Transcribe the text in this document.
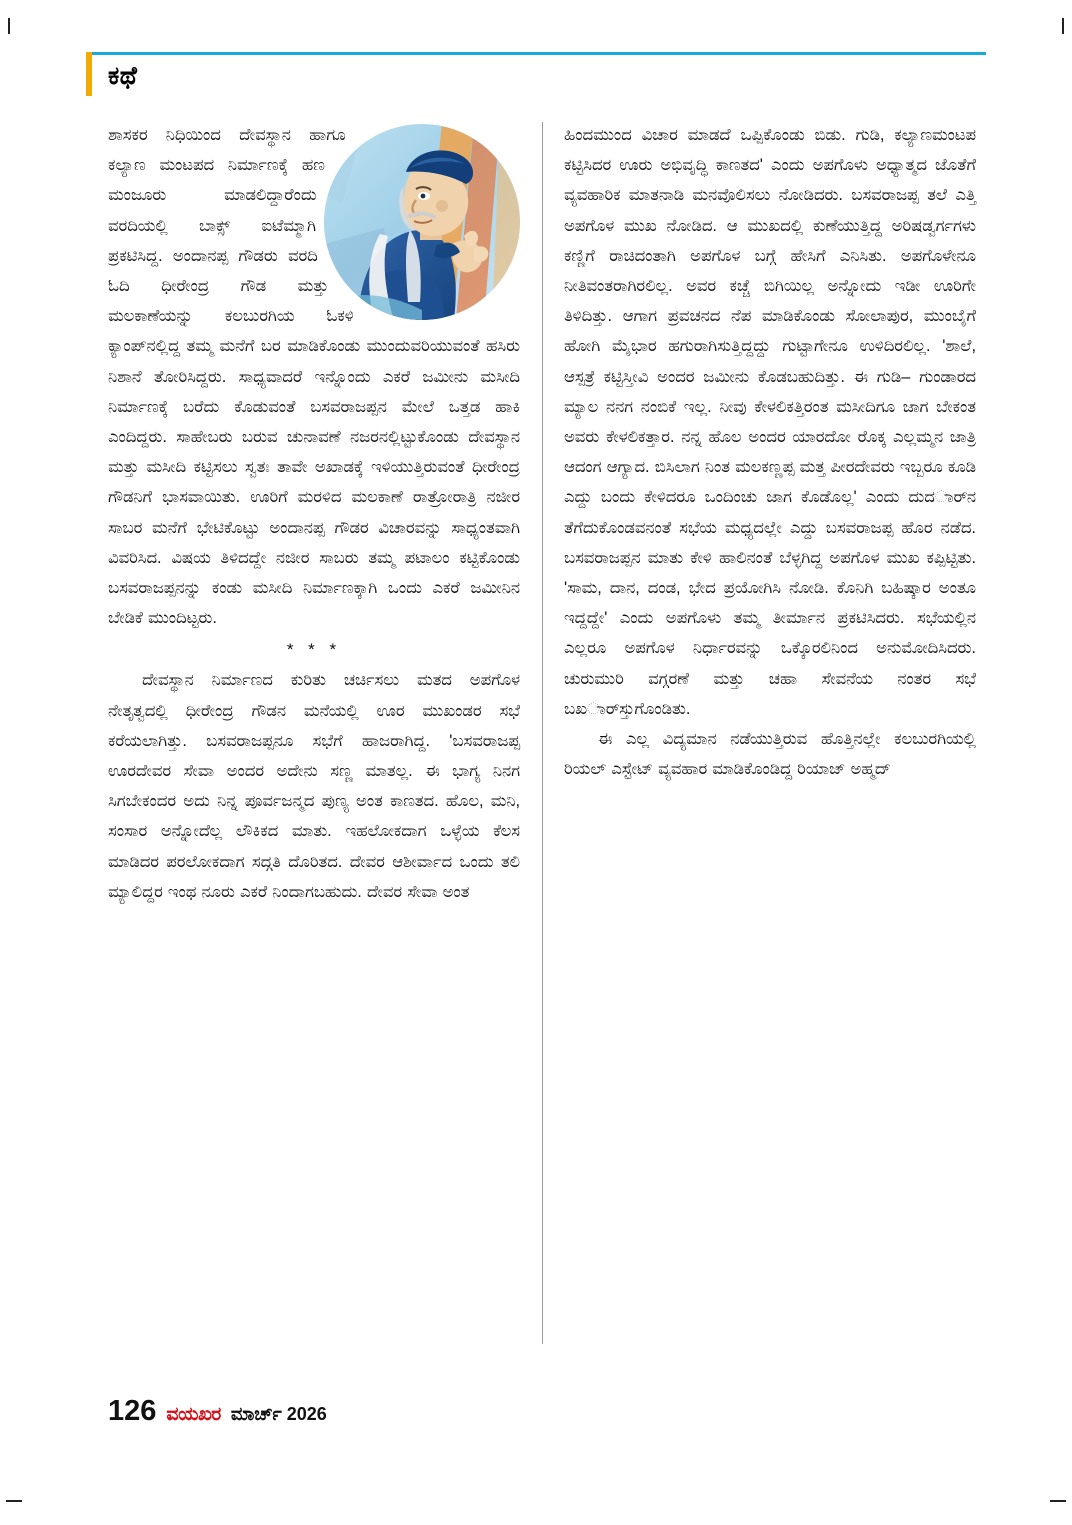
ಕಥೆ

ಶಾಸಕರ ನಿಧಿಯಿಂದ ದೇವಸ್ಥಾನ ಹಾಗೂ ಕಲ್ಯಾಣ ಮಂಟಪದ ನಿರ್ಮಾಣಕ್ಕೆ ಹಣ ಮಂಜೂರು ಮಾಡಲಿದ್ದಾರೆಂದು ವರದಿಯಲ್ಲಿ ಬಾಕ್ಸ್ ಐಟೆಮ್ಮಾಗಿ ಪ್ರಕಟಿಸಿದ್ದ. ಅಂದಾನಪ್ಪ ಗೌಡರು ವರದಿ ಓದಿ ಧೀರೇಂದ್ರ ಗೌಡ ಮತ್ತು ಮಲಕಾಣೆಯನ್ನು ಕಲಬುರಗಿಯ ಓಕಳಿ ಕ್ಯಾಂಪ್‌ನಲ್ಲಿದ್ದ ತಮ್ಮ ಮನೆಗೆ ಬರ ಮಾಡಿಕೊಂಡು ಮುಂದುವರಿಯುವಂತೆ ಹಸಿರು ನಿಶಾನೆ ತೋರಿಸಿದ್ದರು. ಸಾಧ್ಯವಾದರೆ ಇನ್ನೊಂದು ಎಕರೆ ಜಮೀನು ಮಸೀದಿ ನಿರ್ಮಾಣಕ್ಕೆ ಬರೆದು ಕೊಡುವಂತೆ ಬಸವರಾಜಪ್ಪನ ಮೇಲೆ ಒತ್ತಡ ಹಾಕಿ ಎಂದಿದ್ದರು. ಸಾಹೇಬರು ಬರುವ ಚುನಾವಣೆ ನಜರನಲ್ಲಿಟ್ಟುಕೊಂಡು ದೇವಸ್ಥಾನ ಮತ್ತು ಮಸೀದಿ ಕಟ್ಟಿಸಲು ಸ್ವತಃ ತಾವೇ ಅಖಾಡಕ್ಕೆ ಇಳಿಯುತ್ತಿರುವಂತೆ ಧೀರೇಂದ್ರ ಗೌಡನಿಗೆ ಭಾಸವಾಯಿತು. ಊರಿಗೆ ಮರಳಿದ ಮಲಕಾಣೆ ರಾತ್ರೋರಾತ್ರಿ ನಜೀರ ಸಾಬರ ಮನೆಗೆ ಭೇಟಿಕೊಟ್ಟು ಅಂದಾನಪ್ಪ ಗೌಡರ ವಿಚಾರವನ್ನು ಸಾಧ್ಯಂತವಾಗಿ ವಿವರಿಸಿದ. ವಿಷಯ ತಿಳಿದದ್ದೇ ನಜೀರ ಸಾಬರು ತಮ್ಮ ಪಟಾಲಂ ಕಟ್ಟಿಕೊಂಡು ಬಸವರಾಜಪ್ಪನನ್ನು ಕಂಡು ಮಸೀದಿ ನಿರ್ಮಾಣಕ್ಕಾಗಿ ಒಂದು ಎಕರೆ ಜಮೀನಿನ ಬೇಡಿಕೆ ಮುಂದಿಟ್ಟರು.

* * *

ದೇವಸ್ಥಾನ ನಿರ್ಮಾಣದ ಕುರಿತು ಚರ್ಚಿಸಲು ಮತದ ಅಪಗೊಳ ನೇತೃತ್ವದಲ್ಲಿ ಧೀರೇಂದ್ರ ಗೌಡನ ಮನೆಯಲ್ಲಿ ಊರ ಮುಖಂಡರ ಸಭೆ ಕರೆಯಲಾಗಿತ್ತು. ಬಸವರಾಜಪ್ಪನೂ ಸಭೆಗೆ ಹಾಜರಾಗಿದ್ದ. 'ಬಸವರಾಜಪ್ಪ ಊರದೇವರ ಸೇವಾ ಅಂದರ ಅದೇನು ಸಣ್ಣ ಮಾತಲ್ಲ. ಈ ಭಾಗ್ಯ ನಿನಗ ಸಿಗಬೇಕಂದರ ಅದು ನಿನ್ನ ಪೂರ್ವಜನ್ಮದ ಪುಣ್ಯ ಅಂತ ಕಾಣತದ. ಹೊಲ, ಮನಿ, ಸಂಸಾರ ಅನ್ನೋದೆಲ್ಲ ಲೌಕಿಕದ ಮಾತು. ಇಹಲೋಕದಾಗ ಒಳ್ಳೆಯ ಕೆಲಸ ಮಾಡಿದರ ಪರಲೋಕದಾಗ ಸದ್ಗತಿ ದೊರಿತದ. ದೇವರ ಆಶೀರ್ವಾದ ಒಂದು ತಲಿ ಮ್ಯಾಲಿದ್ದರ ಇಂಥ ನೂರು ಎಕರೆ ನಿಂದಾಗಬಹುದು. ದೇವರ ಸೇವಾ ಅಂತ

ಹಿಂದಮುಂದ ವಿಚಾರ ಮಾಡದೆ ಒಪ್ಪಿಕೊಂಡು ಬಿಡು. ಗುಡಿ, ಕಲ್ಯಾಣಮಂಟಪ ಕಟ್ಟಿಸಿದರ ಊರು ಅಭಿವೃದ್ಧಿ ಕಾಣತದ' ಎಂದು ಅಪಗೊಳು ಅಧ್ಯಾತ್ಮದ ಜೊತೆಗೆ ವ್ಯವಹಾರಿಕ ಮಾತನಾಡಿ ಮನವೊಲಿಸಲು ನೋಡಿದರು. ಬಸವರಾಜಪ್ಪ ತಲೆ ಎತ್ತಿ ಅಪಗೊಳ ಮುಖ ನೋಡಿದ. ಆ ಮುಖದಲ್ಲಿ ಕುಣೆಯುತ್ತಿದ್ದ ಅರಿಷಡ್ವರ್ಗಗಳು ಕಣ್ಣಿಗೆ ರಾಚಿದಂತಾಗಿ ಅಪಗೊಳ ಬಗ್ಗೆ ಹೇಸಿಗೆ ಎನಿಸಿತು. ಅಪಗೊಳೇನೂ ನೀತಿವಂತರಾಗಿರಲಿಲ್ಲ. ಅವರ ಕಚ್ಚೆ ಬಿಗಿಯಿಲ್ಲ ಅನ್ನೋದು ಇಡೀ ಊರಿಗೇ ತಿಳಿದಿತ್ತು. ಆಗಾಗ ಪ್ರವಚನದ ನೆಪ ಮಾಡಿಕೊಂಡು ಸೋಲಾಪುರ, ಮುಂಬೈಗೆ ಹೋಗಿ ಮೈಭಾರ ಹಗುರಾಗಿಸುತ್ತಿದ್ದದ್ದು ಗುಟ್ಟಾಗೇನೂ ಉಳಿದಿರಲಿಲ್ಲ. 'ಶಾಲೆ, ಆಸ್ಪತ್ರೆ ಕಟ್ಟಿಸ್ತೀವಿ ಅಂದರ ಜಮೀನು ಕೊಡಬಹುದಿತ್ತು. ಈ ಗುಡಿ– ಗುಂಡಾರದ ಮ್ಯಾಲ ನನಗ ನಂಬಿಕೆ ಇಲ್ಲ. ನೀವು ಕೇಳಲಿಕತ್ತಿರಂತ ಮಸೀದಿಗೂ ಜಾಗ ಬೇಕಂತ ಅವರು ಕೇಳಲಿಕತ್ತಾರ. ನನ್ನ ಹೊಲ ಅಂದರ ಯಾರದೋ ರೊಕ್ಕ ಎಲ್ಲಮ್ಮನ ಜಾತ್ರಿ ಆದಂಗ ಆಗ್ಯಾದ. ಬಿಸಿಲಾಗ ನಿಂತ ಮಲಕಣ್ಣಪ್ಪ ಮತ್ತ ಪೀರದೇವರು ಇಬ್ಬರೂ ಕೂಡಿ ಎದ್ದು ಬಂದು ಕೇಳಿದರೂ ಒಂದಿಂಚು ಜಾಗ ಕೊಡೊಲ್ಲ' ಎಂದು ದುದರ್ಾನ ತೆಗೆದುಕೊಂಡವನಂತೆ ಸಭೆಯ ಮಧ್ಯದಲ್ಲೇ ಎದ್ದು ಬಸವರಾಜಪ್ಪ ಹೊರ ನಡೆದ. ಬಸವರಾಜಪ್ಪನ ಮಾತು ಕೇಳಿ ಹಾಲಿನಂತೆ ಬೆಳ್ಳಗಿದ್ದ ಅಪಗೊಳ ಮುಖ ಕಪ್ಪಿಟ್ಟಿತು. 'ಸಾಮ, ದಾನ, ದಂಡ, ಭೇದ ಪ್ರಯೋಗಿಸಿ ನೋಡಿ. ಕೊನಿಗಿ ಬಹಿಷ್ಕಾರ ಅಂತೂ ಇದ್ದದ್ದೇ' ಎಂದು ಅಪಗೊಳು ತಮ್ಮ ತೀರ್ಮಾನ ಪ್ರಕಟಿಸಿದರು. ಸಭೆಯಲ್ಲಿನ ಎಲ್ಲರೂ ಅಪಗೊಳ ನಿರ್ಧಾರವನ್ನು ಒಕ್ಕೊರಲಿನಿಂದ ಅನುಮೋದಿಸಿದರು. ಚುರುಮುರಿ ವಗ್ಗರಣೆ ಮತ್ತು ಚಹಾ ಸೇವನೆಯ ನಂತರ ಸಭೆ ಬಖರ್ಾಸ್ತುಗೊಂಡಿತು.

ಈ ಎಲ್ಲ ವಿದ್ಯಮಾನ ನಡೆಯುತ್ತಿರುವ ಹೊತ್ತಿನಲ್ಲೇ ಕಲಬುರಗಿಯಲ್ಲಿ ರಿಯಲ್ ಎಸ್ಟೇಟ್ ವ್ಯವಹಾರ ಮಾಡಿಕೊಂಡಿದ್ದ ರಿಯಾಜ್ ಅಹ್ಮದ್

126 ವಯಖರ ಮಾರ್ಚ್ 2026
